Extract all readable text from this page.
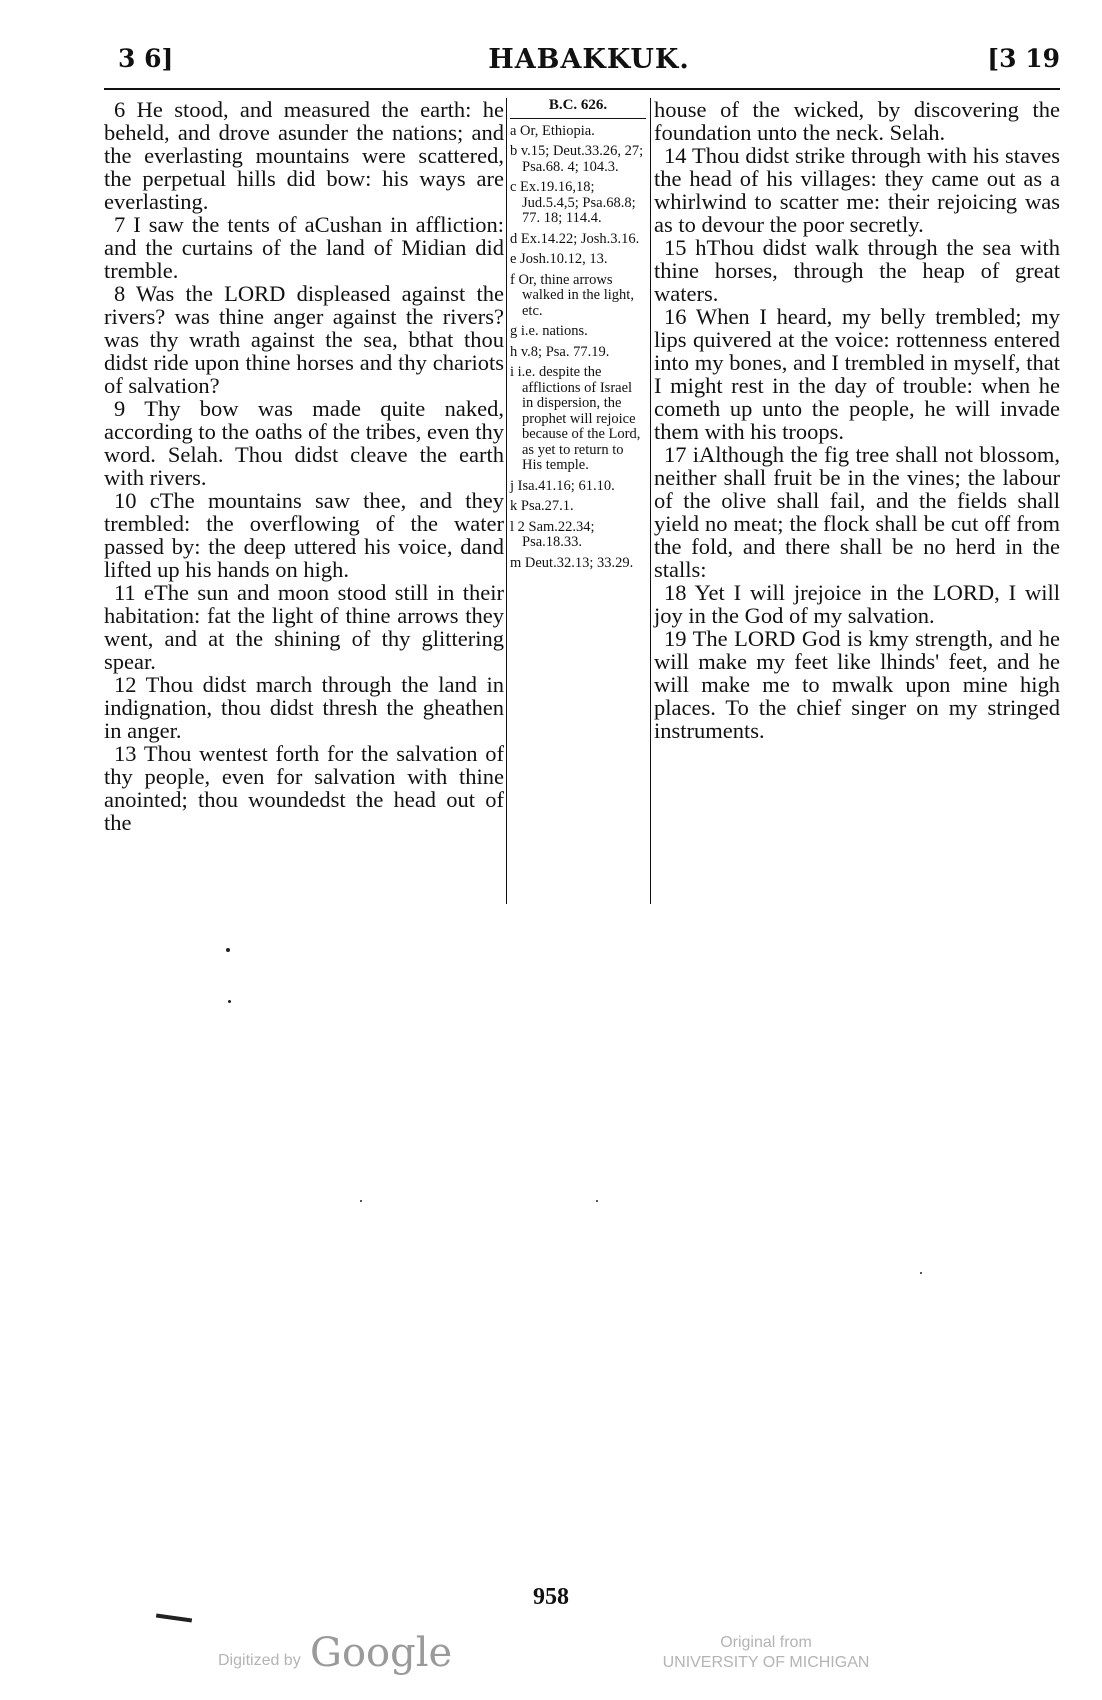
3 6]	HABAKKUK.	[3 19

6 He stood, and measured the earth: he beheld, and drove asunder the nations; and the everlasting mountains were scattered, the perpetual hills did bow: his ways are everlasting.

7 I saw the tents of aCushan in affliction: and the curtains of the land of Midian did tremble.

8 Was the LORD displeased against the rivers? was thine anger against the rivers? was thy wrath against the sea, bthat thou didst ride upon thine horses and thy chariots of salvation?

9 Thy bow was made quite naked, according to the oaths of the tribes, even thy word. Selah. Thou didst cleave the earth with rivers.

10 cThe mountains saw thee, and they trembled: the overflowing of the water passed by: the deep uttered his voice, dand lifted up his hands on high.

11 eThe sun and moon stood still in their habitation: fat the light of thine arrows they went, and at the shining of thy glittering spear.

12 Thou didst march through the land in indignation, thou didst thresh the gheathen in anger.

13 Thou wentest forth for the salvation of thy people, even for salvation with thine anointed; thou woundedst the head out of the

B.C. 626.
a Or, Ethiopia.
b v.15; Deut.33.26, 27; Psa.68. 4; 104.3.
c Ex.19.16,18; Jud.5.4,5; Psa.68.8; 77. 18; 114.4.
d Ex.14.22; Josh.3.16.
e Josh.10.12, 13.
f Or, thine arrows walked in the light, etc.
g i.e. nations.
h v.8; Psa. 77.19.
i i.e. despite the afflictions of Israel in dispersion, the prophet will rejoice because of the Lord, as yet to return to His temple.
j Isa.41.16; 61.10.
k Psa.27.1.
l 2 Sam.22.34; Psa.18.33.
m Deut.32.13; 33.29.

house of the wicked, by discovering the foundation unto the neck. Selah.

14 Thou didst strike through with his staves the head of his villages: they came out as a whirlwind to scatter me: their rejoicing was as to devour the poor secretly.

15 hThou didst walk through the sea with thine horses, through the heap of great waters.

16 When I heard, my belly trembled; my lips quivered at the voice: rottenness entered into my bones, and I trembled in myself, that I might rest in the day of trouble: when he cometh up unto the people, he will invade them with his troops.

17 iAlthough the fig tree shall not blossom, neither shall fruit be in the vines; the labour of the olive shall fail, and the fields shall yield no meat; the flock shall be cut off from the fold, and there shall be no herd in the stalls:

18 Yet I will jrejoice in the LORD, I will joy in the God of my salvation.

19 The LORD God is kmy strength, and he will make my feet like lhinds' feet, and he will make me to mwalk upon mine high places. To the chief singer on my stringed instruments.

958
Digitized by Google	Original from
UNIVERSITY OF MICHIGAN
